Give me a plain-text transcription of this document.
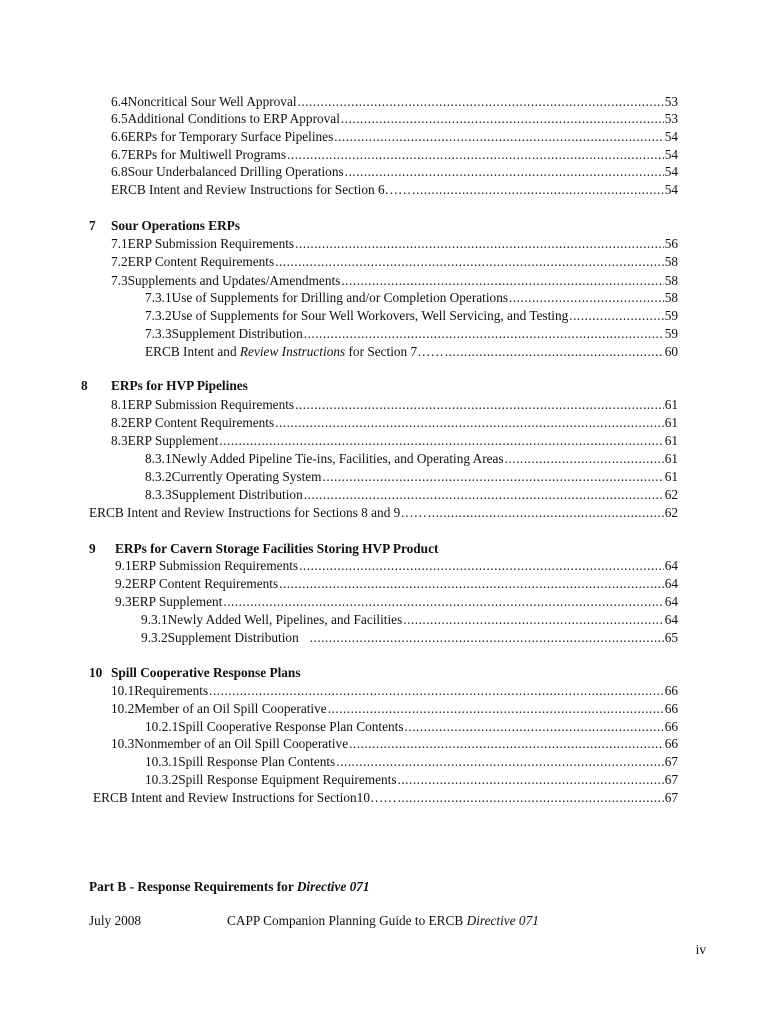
6.4 Noncritical Sour Well Approval .....	53
6.5 Additional Conditions to ERP Approval .....	53
6.6 ERPs for Temporary Surface Pipelines .....	54
6.7 ERPs for Multiwell Programs .....	54
6.8 Sour Underbalanced Drilling Operations .....	54
ERCB Intent and Review Instructions for Section 6…… .....	54
7 Sour Operations ERPs
7.1 ERP Submission Requirements .....	56
7.2 ERP Content Requirements .....	58
7.3 Supplements and Updates/Amendments .....	58
7.3.1 Use of Supplements for Drilling and/or Completion Operations .....	58
7.3.2 Use of Supplements for Sour Well Workovers, Well Servicing, and Testing .....	59
7.3.3 Supplement Distribution .....	59
ERCB Intent and Review Instructions for Section 7…… .....	60
8 ERPs for HVP Pipelines
8.1 ERP Submission Requirements .....	61
8.2 ERP Content Requirements .....	61
8.3 ERP Supplement .....	61
8.3.1 Newly Added Pipeline Tie-ins, Facilities, and Operating Areas .....	61
8.3.2 Currently Operating System .....	61
8.3.3 Supplement Distribution .....	62
ERCB Intent and Review Instructions for Sections 8 and 9…… .....	62
9 ERPs for Cavern Storage Facilities Storing HVP Product
9.1 ERP Submission Requirements .....	64
9.2 ERP Content Requirements .....	64
9.3 ERP Supplement .....	64
9.3.1 Newly Added Well, Pipelines, and Facilities .....	64
9.3.2 Supplement Distribution .....	65
10 Spill Cooperative Response Plans
10.1 Requirements .....	66
10.2 Member of an Oil Spill Cooperative .....	66
10.2.1 Spill Cooperative Response Plan Contents .....	66
10.3 Nonmember of an Oil Spill Cooperative .....	66
10.3.1 Spill Response Plan Contents .....	67
10.3.2 Spill Response Equipment Requirements .....	67
ERCB Intent and Review Instructions for Section10…… .....	67
Part B - Response Requirements for Directive 071
July 2008	CAPP Companion Planning Guide to ERCB Directive 071
iv
